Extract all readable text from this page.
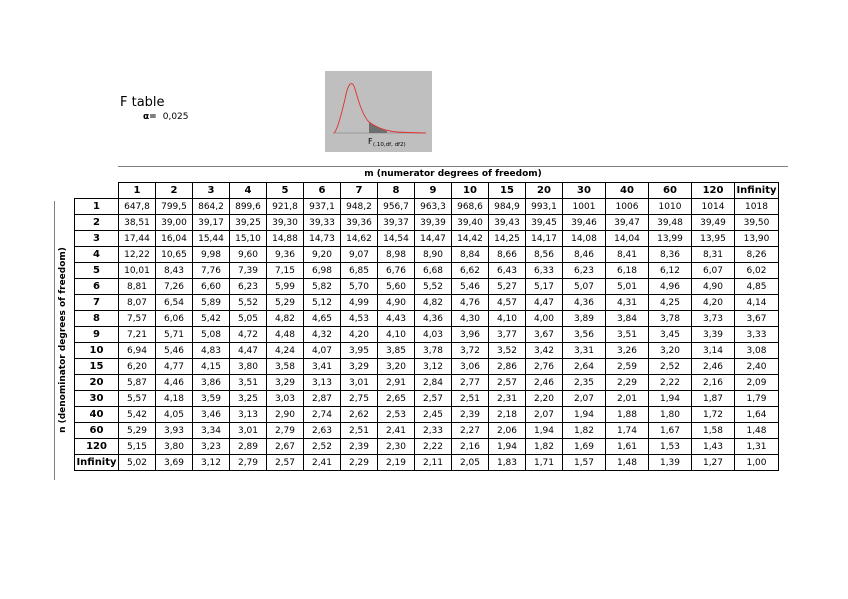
F table
α= 0,025
F (.10,df, df2)
m (numerator degrees of freedom)
n (denominator degrees of freedom)
	1	2	3	4	5	6	7	8	9	10	15	20	30	40	60	120	Infinity
1	647,8	799,5	864,2	899,6	921,8	937,1	948,2	956,7	963,3	968,6	984,9	993,1	1001	1006	1010	1014	1018
2	38,51	39,00	39,17	39,25	39,30	39,33	39,36	39,37	39,39	39,40	39,43	39,45	39,46	39,47	39,48	39,49	39,50
3	17,44	16,04	15,44	15,10	14,88	14,73	14,62	14,54	14,47	14,42	14,25	14,17	14,08	14,04	13,99	13,95	13,90
4	12,22	10,65	9,98	9,60	9,36	9,20	9,07	8,98	8,90	8,84	8,66	8,56	8,46	8,41	8,36	8,31	8,26
5	10,01	8,43	7,76	7,39	7,15	6,98	6,85	6,76	6,68	6,62	6,43	6,33	6,23	6,18	6,12	6,07	6,02
6	8,81	7,26	6,60	6,23	5,99	5,82	5,70	5,60	5,52	5,46	5,27	5,17	5,07	5,01	4,96	4,90	4,85
7	8,07	6,54	5,89	5,52	5,29	5,12	4,99	4,90	4,82	4,76	4,57	4,47	4,36	4,31	4,25	4,20	4,14
8	7,57	6,06	5,42	5,05	4,82	4,65	4,53	4,43	4,36	4,30	4,10	4,00	3,89	3,84	3,78	3,73	3,67
9	7,21	5,71	5,08	4,72	4,48	4,32	4,20	4,10	4,03	3,96	3,77	3,67	3,56	3,51	3,45	3,39	3,33
10	6,94	5,46	4,83	4,47	4,24	4,07	3,95	3,85	3,78	3,72	3,52	3,42	3,31	3,26	3,20	3,14	3,08
15	6,20	4,77	4,15	3,80	3,58	3,41	3,29	3,20	3,12	3,06	2,86	2,76	2,64	2,59	2,52	2,46	2,40
20	5,87	4,46	3,86	3,51	3,29	3,13	3,01	2,91	2,84	2,77	2,57	2,46	2,35	2,29	2,22	2,16	2,09
30	5,57	4,18	3,59	3,25	3,03	2,87	2,75	2,65	2,57	2,51	2,31	2,20	2,07	2,01	1,94	1,87	1,79
40	5,42	4,05	3,46	3,13	2,90	2,74	2,62	2,53	2,45	2,39	2,18	2,07	1,94	1,88	1,80	1,72	1,64
60	5,29	3,93	3,34	3,01	2,79	2,63	2,51	2,41	2,33	2,27	2,06	1,94	1,82	1,74	1,67	1,58	1,48
120	5,15	3,80	3,23	2,89	2,67	2,52	2,39	2,30	2,22	2,16	1,94	1,82	1,69	1,61	1,53	1,43	1,31
Infinity	5,02	3,69	3,12	2,79	2,57	2,41	2,29	2,19	2,11	2,05	1,83	1,71	1,57	1,48	1,39	1,27	1,00
